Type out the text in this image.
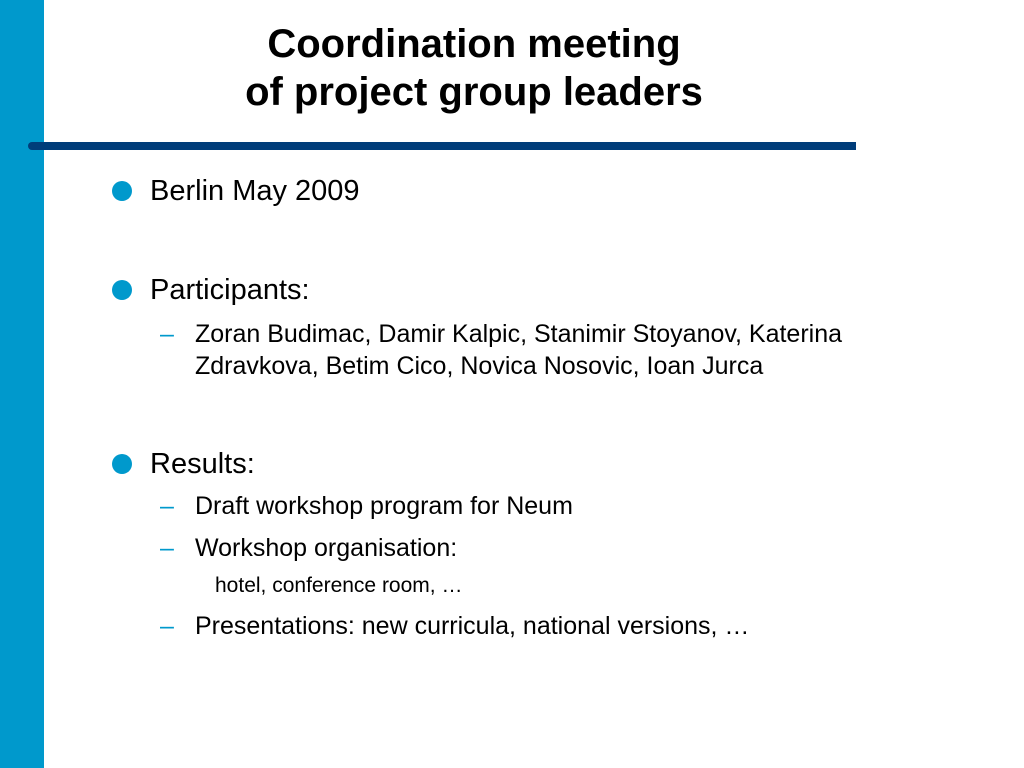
Coordination meeting
of project group leaders
Berlin May 2009
Participants:
– Zoran Budimac, Damir Kalpic, Stanimir Stoyanov, Katerina Zdravkova, Betim Cico, Novica Nosovic, Ioan Jurca
Results:
– Draft workshop program for Neum
– Workshop organisation:
hotel, conference room, …
– Presentations: new curricula, national versions, …
